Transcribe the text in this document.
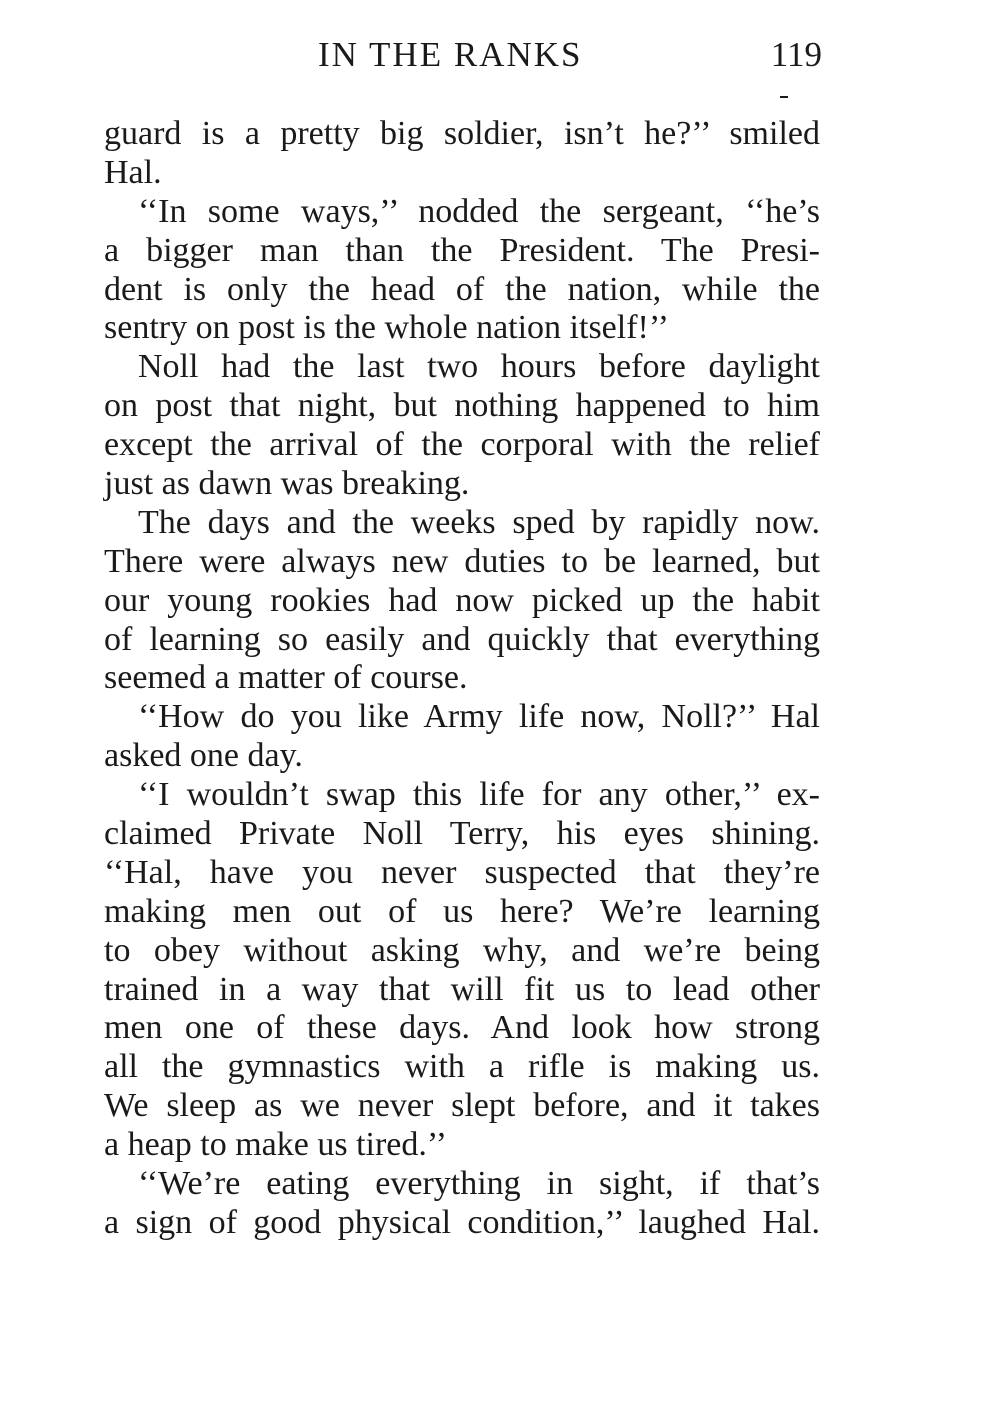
IN THE RANKS	119
guard is a pretty big soldier, isn’t he?’’ smiled
Hal.
‘‘In some ways,’’ nodded the sergeant, ‘‘he’s
a bigger man than the President. The Presi-
dent is only the head of the nation, while the
sentry on post is the whole nation itself!’’
Noll had the last two hours before daylight
on post that night, but nothing happened to him
except the arrival of the corporal with the relief
just as dawn was breaking.
The days and the weeks sped by rapidly now.
There were always new duties to be learned, but
our young rookies had now picked up the habit
of learning so easily and quickly that everything
seemed a matter of course.
‘‘How do you like Army life now, Noll?’’ Hal
asked one day.
‘‘I wouldn’t swap this life for any other,’’ ex-
claimed Private Noll Terry, his eyes shining.
‘‘Hal, have you never suspected that they’re
making men out of us here? We’re learning
to obey without asking why, and we’re being
trained in a way that will fit us to lead other
men one of these days. And look how strong
all the gymnastics with a rifle is making us.
We sleep as we never slept before, and it takes
a heap to make us tired.’’
‘‘We’re eating everything in sight, if that’s
a sign of good physical condition,’’ laughed Hal.
